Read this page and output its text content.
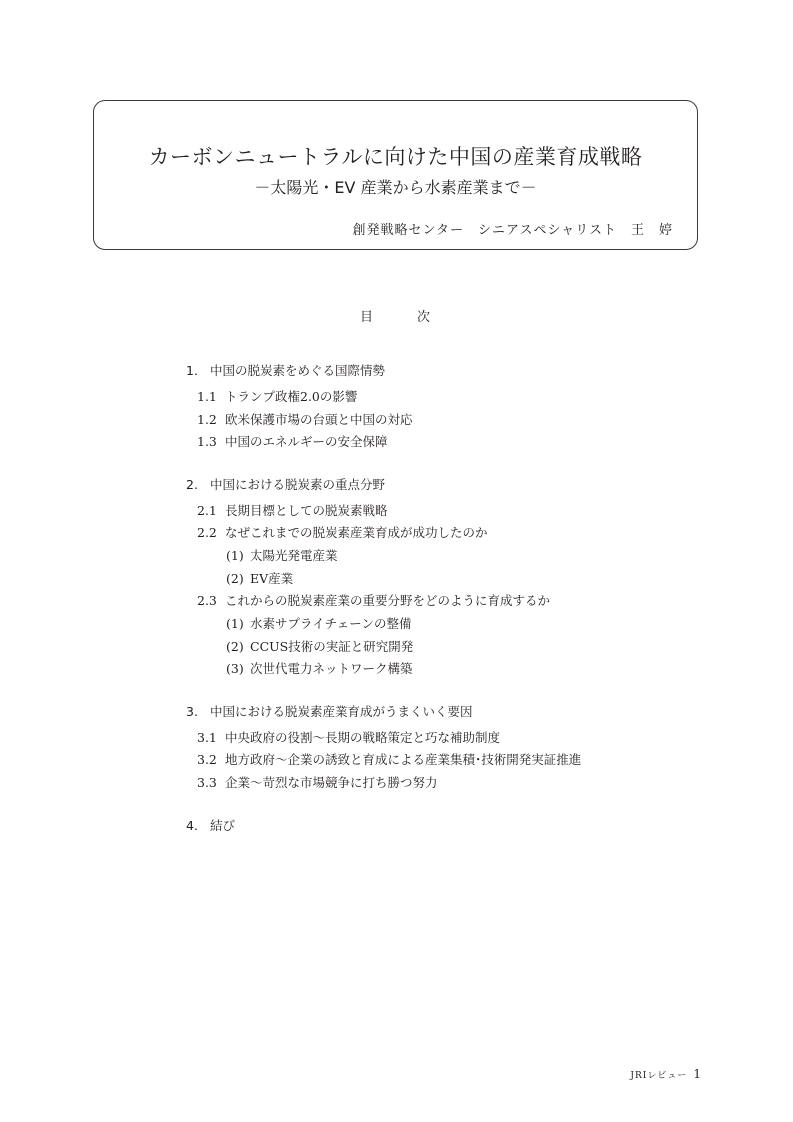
カーボンニュートラルに向けた中国の産業育成戦略
－太陽光・EV 産業から水素産業まで－
創発戦略センター　シニアスペシャリスト　王　婷
目次
1. 中国の脱炭素をめぐる国際情勢
1.1 トランプ政権2.0の影響
1.2 欧米保護市場の台頭と中国の対応
1.3 中国のエネルギーの安全保障
2. 中国における脱炭素の重点分野
2.1 長期目標としての脱炭素戦略
2.2 なぜこれまでの脱炭素産業育成が成功したのか
(1) 太陽光発電産業
(2) EV産業
2.3 これからの脱炭素産業の重要分野をどのように育成するか
(1) 水素サプライチェーンの整備
(2) CCUS技術の実証と研究開発
(3) 次世代電力ネットワーク構築
3. 中国における脱炭素産業育成がうまくいく要因
3.1 中央政府の役割～長期の戦略策定と巧な補助制度
3.2 地方政府～企業の誘致と育成による産業集積･技術開発実証推進
3.3 企業～苛烈な市場競争に打ち勝つ努力
4. 結び
JRIレビュー 1
